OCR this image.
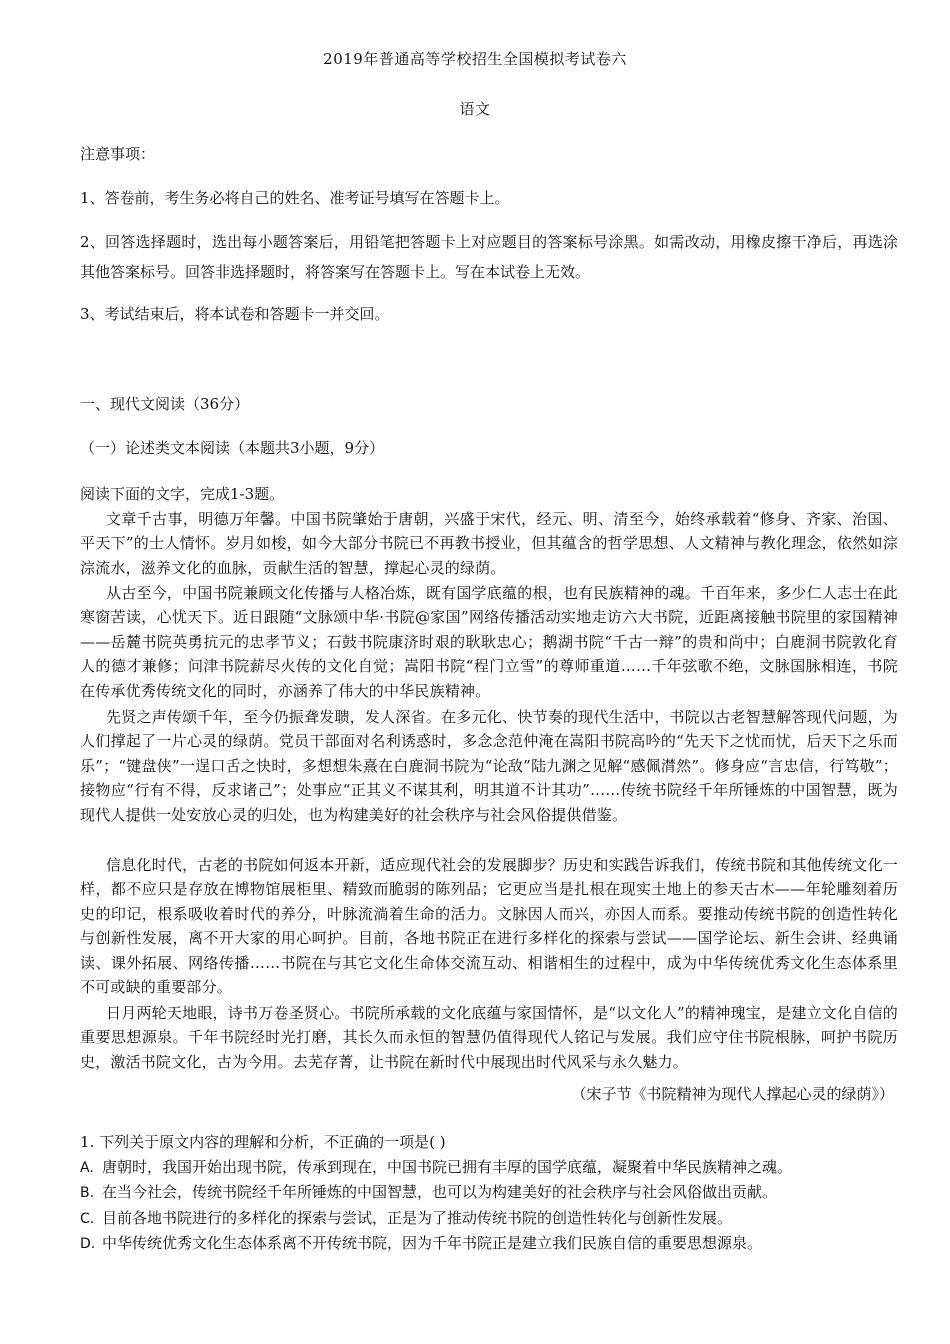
2019年普通高等学校招生全国模拟考试卷六
语文
注意事项：
1、答卷前，考生务必将自己的姓名、准考证号填写在答题卡上。
2、回答选择题时，选出每小题答案后，用铅笔把答题卡上对应题目的答案标号涂黑。如需改动，用橡皮擦干净后，再选涂其他答案标号。回答非选择题时，将答案写在答题卡上。写在本试卷上无效。
3、考试结束后，将本试卷和答题卡一并交回。
一、现代文阅读（36分）
（一）论述类文本阅读（本题共3小题，9分）
阅读下面的文字，完成1-3题。
文章千古事，明德万年馨。中国书院肇始于唐朝，兴盛于宋代，经元、明、清至今，始终承载着“修身、齐家、治国、平天下”的士人情怀。岁月如梭，如今大部分书院已不再教书授业，但其蕴含的哲学思想、人文精神与教化理念，依然如淙淙流水，滋养文化的血脉，贡献生活的智慧，撑起心灵的绿荫。
从古至今，中国书院兼顾文化传播与人格冶炼，既有国学底蕴的根，也有民族精神的魂。千百年来，多少仁人志士在此寒窗苦读，心忧天下。近日跟随“文脉颂中华·书院@家国”网络传播活动实地走访六大书院，近距离接触书院里的家国精神——岳麓书院英勇抗元的忠孝节义；石鼓书院康济时艰的耿耿忠心；鹅湖书院“千古一辩”的贵和尚中；白鹿洞书院敦化育人的德才兼修；问津书院薪尽火传的文化自觉；嵩阳书院“程门立雪”的尊师重道……千年弦歌不绝，文脉国脉相连，书院在传承优秀传统文化的同时，亦涵养了伟大的中华民族精神。
先贤之声传颂千年，至今仍振聋发聩，发人深省。在多元化、快节奏的现代生活中，书院以古老智慧解答现代问题，为人们撑起了一片心灵的绿荫。党员干部面对名利诱惑时，多念念范仲淹在嵩阳书院高吟的“先天下之忧而忧，后天下之乐而乐”；“键盘侠”一逞口舌之快时，多想想朱熹在白鹿洞书院为“论敌”陆九渊之见解“感佩潸然”。修身应“言忠信，行笃敬”；接物应“行有不得，反求诸己”；处事应“正其义不谋其利，明其道不计其功”……传统书院经千年所锤炼的中国智慧，既为现代人提供一处安放心灵的归处，也为构建美好的社会秩序与社会风俗提供借鉴。
信息化时代，古老的书院如何返本开新，适应现代社会的发展脚步？历史和实践告诉我们，传统书院和其他传统文化一样，都不应只是存放在博物馆展柜里、精致而脆弱的陈列品；它更应当是扎根在现实土地上的参天古木——年轮雕刻着历史的印记，根系吸收着时代的养分，叶脉流淌着生命的活力。文脉因人而兴，亦因人而系。要推动传统书院的创造性转化与创新性发展，离不开大家的用心呵护。目前，各地书院正在进行多样化的探索与尝试——国学论坛、新生会讲、经典诵读、课外拓展、网络传播……书院在与其它文化生命体交流互动、相谐相生的过程中，成为中华传统优秀文化生态体系里不可或缺的重要部分。
日月两轮天地眼，诗书万卷圣贤心。书院所承载的文化底蕴与家国情怀，是“以文化人”的精神瑰宝，是建立文化自信的重要思想源泉。千年书院经时光打磨，其长久而永恒的智慧仍值得现代人铭记与发展。我们应守住书院根脉，呵护书院历史，激活书院文化，古为今用。去芜存菁，让书院在新时代中展现出时代风采与永久魅力。
（宋子节《书院精神为现代人撑起心灵的绿荫》）
1. 下列关于原文内容的理解和分析，不正确的一项是( )
A. 唐朝时，我国开始出现书院，传承到现在，中国书院已拥有丰厚的国学底蕴，凝聚着中华民族精神之魂。
B. 在当今社会，传统书院经千年所锤炼的中国智慧，也可以为构建美好的社会秩序与社会风俗做出贡献。
C. 目前各地书院进行的多样化的探索与尝试，正是为了推动传统书院的创造性转化与创新性发展。
D. 中华传统优秀文化生态体系离不开传统书院，因为千年书院正是建立我们民族自信的重要思想源泉。
